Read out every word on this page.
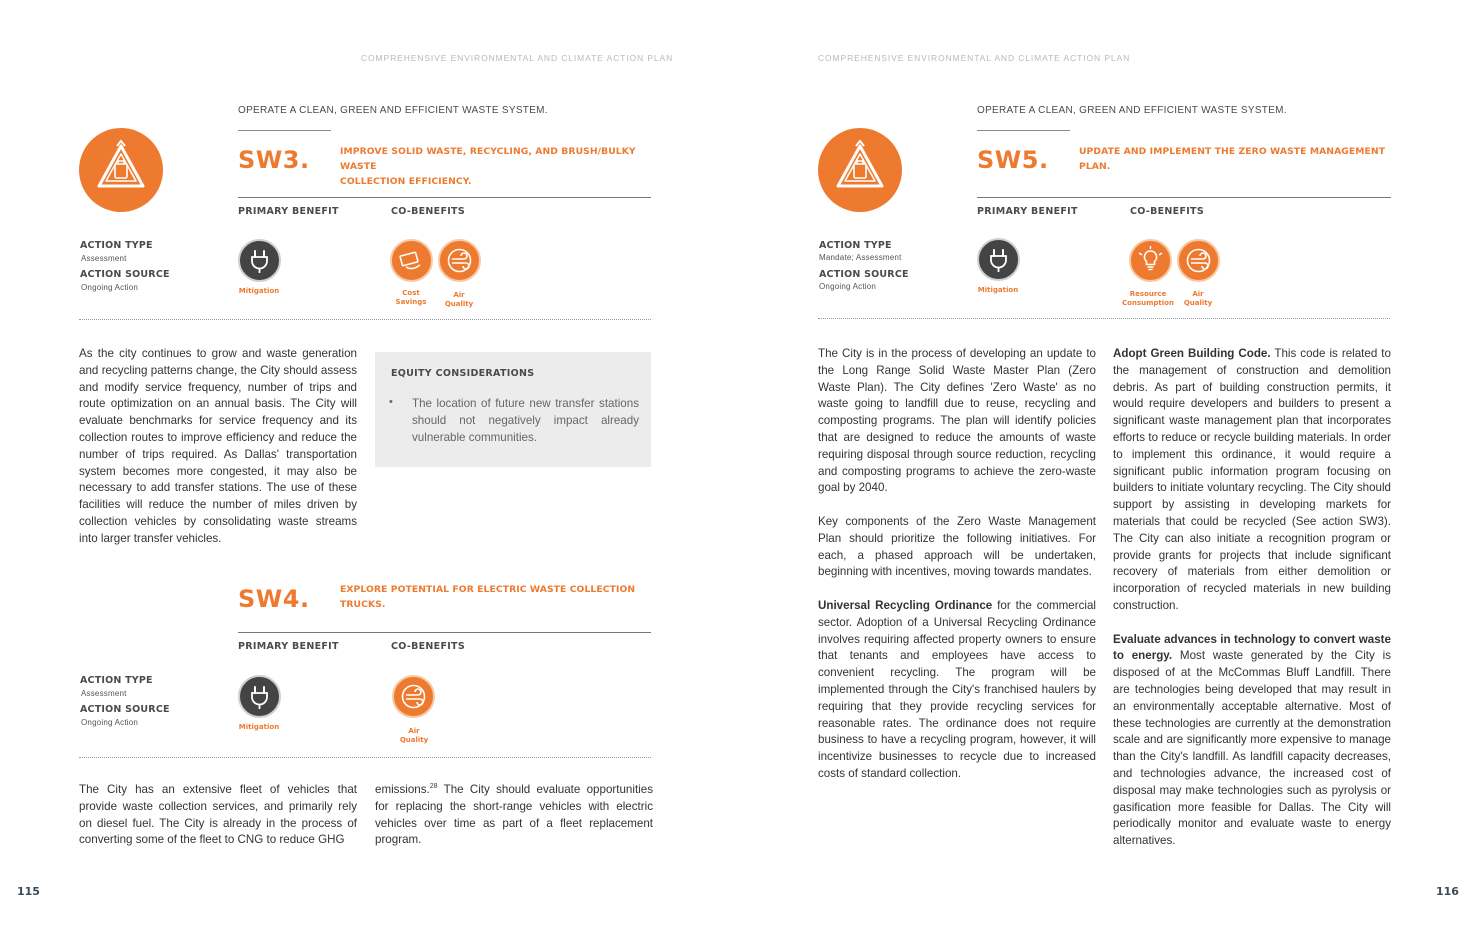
COMPREHENSIVE ENVIRONMENTAL AND CLIMATE ACTION PLAN
OPERATE A CLEAN, GREEN AND EFFICIENT WASTE SYSTEM.
SW3.	IMPROVE SOLID WASTE, RECYCLING, AND BRUSH/BULKY WASTE
COLLECTION EFFICIENCY.
PRIMARY BENEFIT	CO-BENEFITS
ACTION TYPE
Assessment
ACTION SOURCE
Ongoing Action	Mitigation	Cost
Savings
Air
Quality
As the city continues to grow and waste generation and recycling patterns change, the City should assess and modify service frequency, number of trips and route optimization on an annual basis. The City will evaluate benchmarks for service frequency and its collection routes to improve efficiency and reduce the number of trips required. As Dallas' transportation system becomes more congested, it may also be necessary to add transfer stations. The use of these facilities will reduce the number of miles driven by collection vehicles by consolidating waste streams into larger transfer vehicles.
EQUITY CONSIDERATIONS
• The location of future new transfer stations should not negatively impact already vulnerable communities.
SW4.	EXPLORE POTENTIAL FOR ELECTRIC WASTE COLLECTION TRUCKS.
PRIMARY BENEFIT	CO-BENEFITS
ACTION TYPE
Assessment
ACTION SOURCE
Ongoing Action	Mitigation	Air
Quality
The City has an extensive fleet of vehicles that provide waste collection services, and primarily rely on diesel fuel. The City is already in the process of converting some of the fleet to CNG to reduce GHG
emissions.$^{28}$ The City should evaluate opportunities for replacing the short-range vehicles with electric vehicles over time as part of a fleet replacement program.
115
COMPREHENSIVE ENVIRONMENTAL AND CLIMATE ACTION PLAN
OPERATE A CLEAN, GREEN AND EFFICIENT WASTE SYSTEM.
SW5.	UPDATE AND IMPLEMENT THE ZERO WASTE MANAGEMENT PLAN.
PRIMARY BENEFIT	CO-BENEFITS
ACTION TYPE
Mandate; Assessment
ACTION SOURCE
Ongoing Action	Mitigation	Resource
Consumption
Air
Quality

The City is in the process of developing an update to the Long Range Solid Waste Master Plan (Zero Waste Plan). The City defines 'Zero Waste' as no waste going to landfill due to reuse, recycling and composting programs. The plan will identify policies that are designed to reduce the amounts of waste requiring disposal through source reduction, recycling and composting programs to achieve the zero-waste goal by 2040.

Key components of the Zero Waste Management Plan should prioritize the following initiatives. For each, a phased approach will be undertaken, beginning with incentives, moving towards mandates.

Universal Recycling Ordinance for the commercial sector. Adoption of a Universal Recycling Ordinance involves requiring affected property owners to ensure that tenants and employees have access to convenient recycling. The program will be implemented through the City's franchised haulers by requiring that they provide recycling services for reasonable rates. The ordinance does not require business to have a recycling program, however, it will incentivize businesses to recycle due to increased costs of standard collection.

Adopt Green Building Code. This code is related to the management of construction and demolition debris. As part of building construction permits, it would require developers and builders to present a significant waste management plan that incorporates efforts to reduce or recycle building materials. In order to implement this ordinance, it would require a significant public information program focusing on builders to initiate voluntary recycling. The City should support by assisting in developing markets for materials that could be recycled (See action SW3). The City can also initiate a recognition program or provide grants for projects that include significant recovery of materials from either demolition or incorporation of recycled materials in new building construction.

Evaluate advances in technology to convert waste to energy. Most waste generated by the City is disposed of at the McCommas Bluff Landfill. There are technologies being developed that may result in an environmentally acceptable alternative. Most of these technologies are currently at the demonstration scale and are significantly more expensive to manage than the City's landfill. As landfill capacity decreases, and technologies advance, the increased cost of disposal may make technologies such as pyrolysis or gasification more feasible for Dallas. The City will periodically monitor and evaluate waste to energy alternatives.

116
